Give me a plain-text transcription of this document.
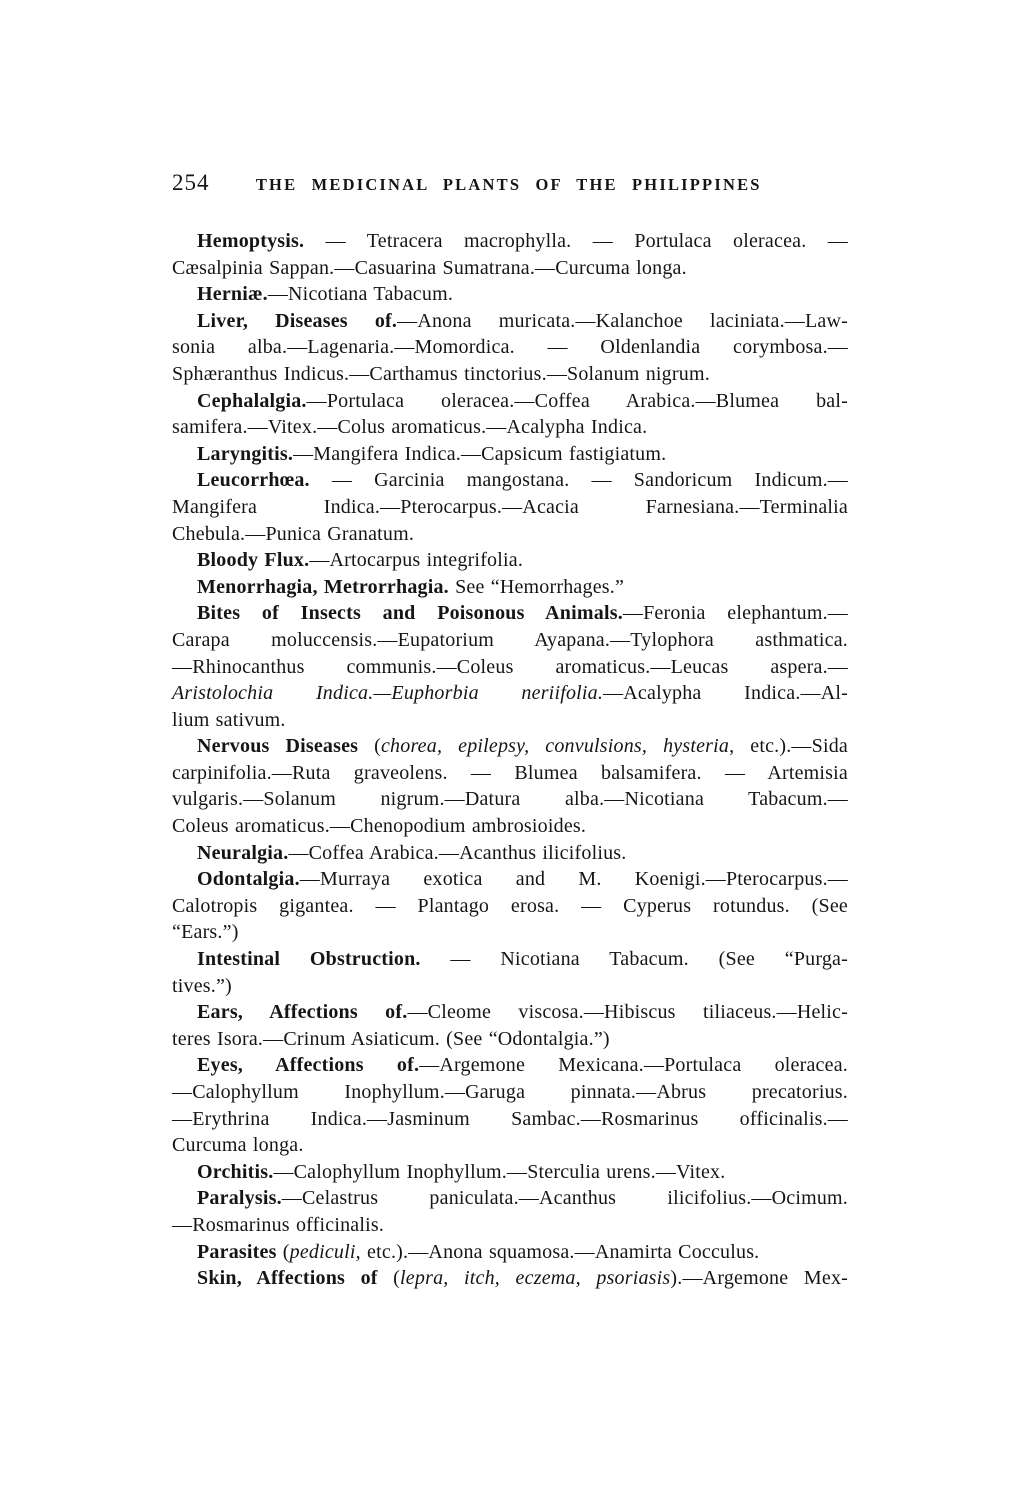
254	THE MEDICINAL PLANTS OF THE PHILIPPINES
Hemoptysis. — Tetracera macrophylla. — Portulaca oleracea. —
Cæsalpinia Sappan.—Casuarina Sumatrana.—Curcuma longa.
Herniæ.—Nicotiana Tabacum.
Liver, Diseases of.—Anona muricata.—Kalanchoe laciniata.—Law-
sonia alba.—Lagenaria.—Momordica. — Oldenlandia corymbosa.—
Sphæranthus Indicus.—Carthamus tinctorius.—Solanum nigrum.
Cephalalgia.—Portulaca oleracea.—Coffea Arabica.—Blumea bal-
samifera.—Vitex.—Colus aromaticus.—Acalypha Indica.
Laryngitis.—Mangifera Indica.—Capsicum fastigiatum.
Leucorrhœa. — Garcinia mangostana. — Sandoricum Indicum.—
Mangifera Indica.—Pterocarpus.—Acacia Farnesiana.—Terminalia
Chebula.—Punica Granatum.
Bloody Flux.—Artocarpus integrifolia.
Menorrhagia, Metrorrhagia. See “Hemorrhages.”
Bites of Insects and Poisonous Animals.—Feronia elephantum.—
Carapa moluccensis.—Eupatorium Ayapana.—Tylophora asthmatica.
—Rhinocanthus communis.—Coleus aromaticus.—Leucas aspera.—
Aristolochia Indica.—Euphorbia neriifolia.—Acalypha Indica.—Al-
lium sativum.
Nervous Diseases (chorea, epilepsy, convulsions, hysteria, etc.).—Sida
carpinifolia.—Ruta graveolens. — Blumea balsamifera. — Artemisia
vulgaris.—Solanum nigrum.—Datura alba.—Nicotiana Tabacum.—
Coleus aromaticus.—Chenopodium ambrosioides.
Neuralgia.—Coffea Arabica.—Acanthus ilicifolius.
Odontalgia.—Murraya exotica and M. Koenigi.—Pterocarpus.—
Calotropis gigantea. — Plantago erosa. — Cyperus rotundus. (See
“Ears.”)
Intestinal Obstruction. — Nicotiana Tabacum. (See “Purga-
tives.”)
Ears, Affections of.—Cleome viscosa.—Hibiscus tiliaceus.—Helic-
teres Isora.—Crinum Asiaticum. (See “Odontalgia.”)
Eyes, Affections of.—Argemone Mexicana.—Portulaca oleracea.
—Calophyllum Inophyllum.—Garuga pinnata.—Abrus precatorius.
—Erythrina Indica.—Jasminum Sambac.—Rosmarinus officinalis.—
Curcuma longa.
Orchitis.—Calophyllum Inophyllum.—Sterculia urens.—Vitex.
Paralysis.—Celastrus paniculata.—Acanthus ilicifolius.—Ocimum.
—Rosmarinus officinalis.
Parasites (pediculi, etc.).—Anona squamosa.—Anamirta Cocculus.
Skin, Affections of (lepra, itch, eczema, psoriasis).—Argemone Mex-
